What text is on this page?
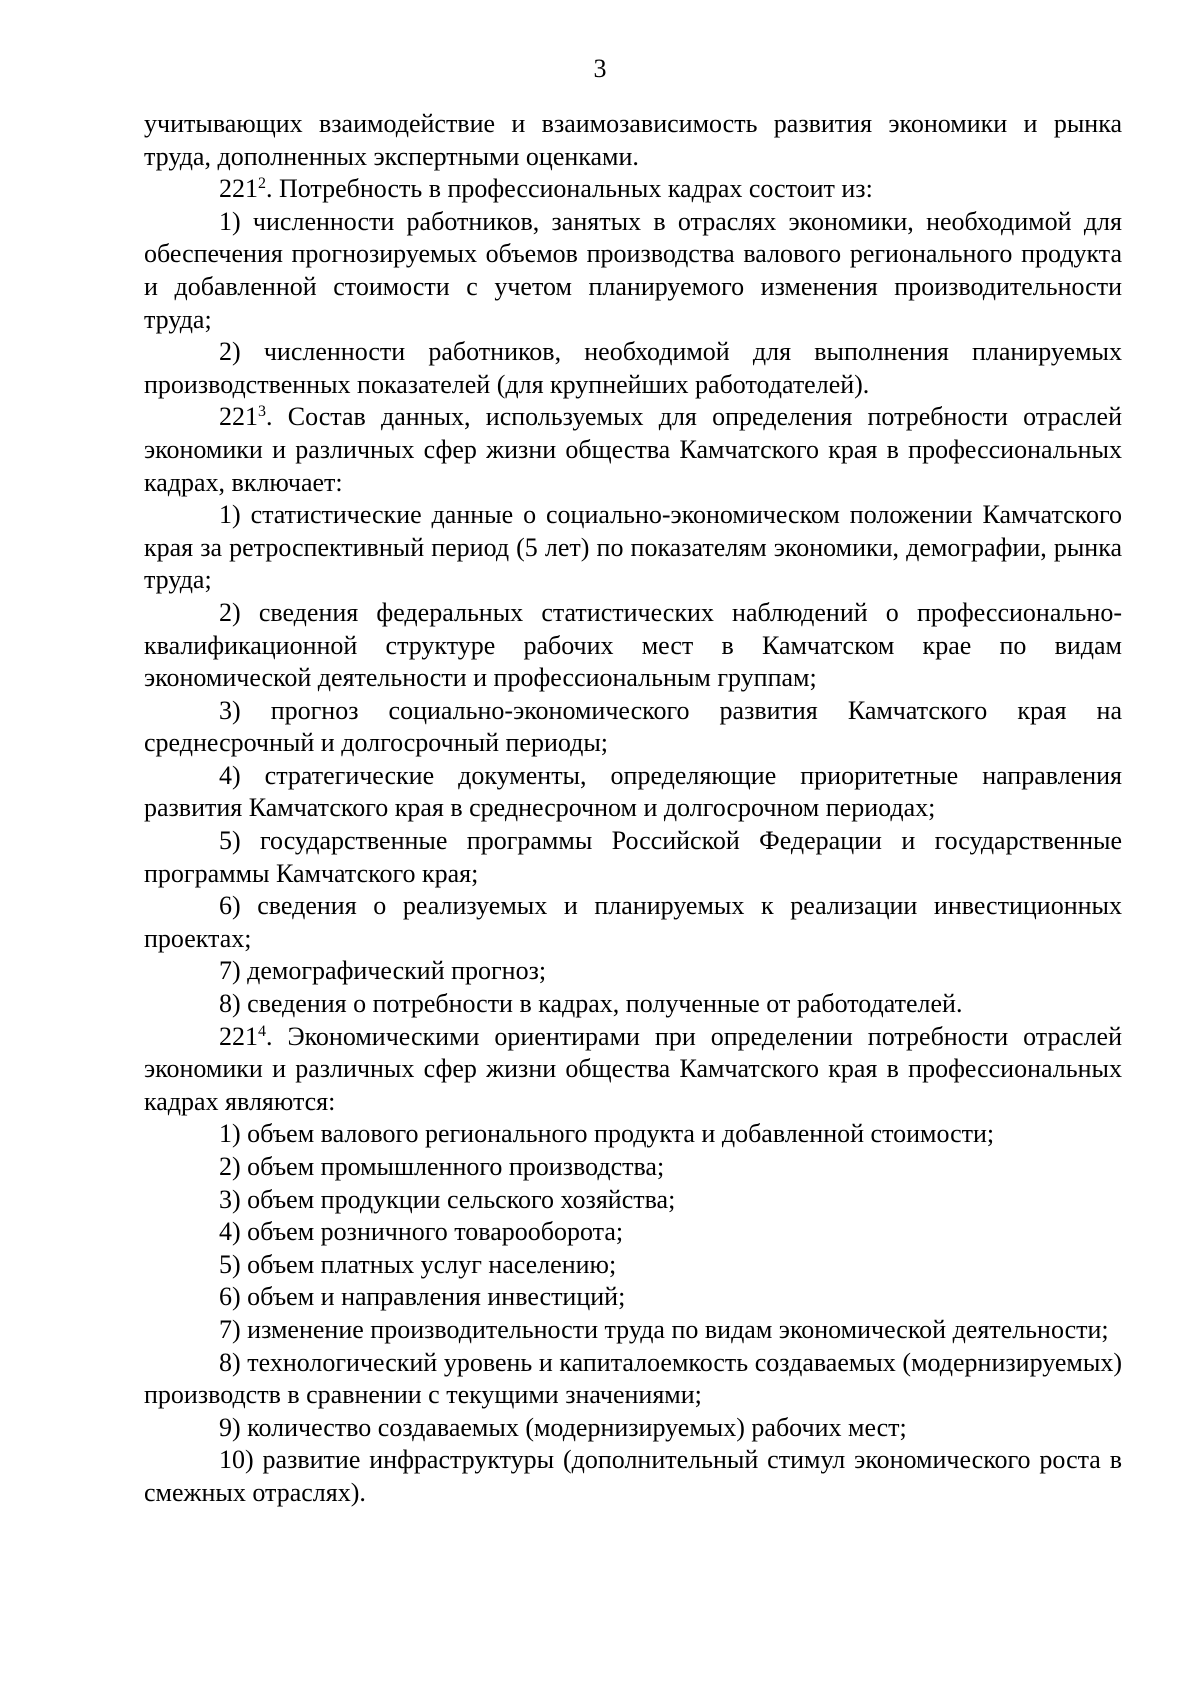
3

учитывающих взаимодействие и взаимозависимость развития экономики и рынка труда, дополненных экспертными оценками.

$221^2$. Потребность в профессиональных кадрах состоит из:

1) численности работников, занятых в отраслях экономики, необходимой для обеспечения прогнозируемых объемов производства валового регионального продукта и добавленной стоимости с учетом планируемого изменения производительности труда;

2) численности работников, необходимой для выполнения планируемых производственных показателей (для крупнейших работодателей).

$221^3$. Состав данных, используемых для определения потребности отраслей экономики и различных сфер жизни общества Камчатского края в профессиональных кадрах, включает:

1) статистические данные о социально-экономическом положении Камчатского края за ретроспективный период (5 лет) по показателям экономики, демографии, рынка труда;

2) сведения федеральных статистических наблюдений о профессионально-квалификационной структуре рабочих мест в Камчатском крае по видам экономической деятельности и профессиональным группам;

3) прогноз социально-экономического развития Камчатского края на среднесрочный и долгосрочный периоды;

4) стратегические документы, определяющие приоритетные направления развития Камчатского края в среднесрочном и долгосрочном периодах;

5) государственные программы Российской Федерации и государственные программы Камчатского края;

6) сведения о реализуемых и планируемых к реализации инвестиционных проектах;

7) демографический прогноз;

8) сведения о потребности в кадрах, полученные от работодателей.

$221^4$. Экономическими ориентирами при определении потребности отраслей экономики и различных сфер жизни общества Камчатского края в профессиональных кадрах являются:

1) объем валового регионального продукта и добавленной стоимости;

2) объем промышленного производства;

3) объем продукции сельского хозяйства;

4) объем розничного товарооборота;

5) объем платных услуг населению;

6) объем и направления инвестиций;

7) изменение производительности труда по видам экономической деятельности;

8) технологический уровень и капиталоемкость создаваемых (модернизируемых) производств в сравнении с текущими значениями;

9) количество создаваемых (модернизируемых) рабочих мест;

10) развитие инфраструктуры (дополнительный стимул экономического роста в смежных отраслях).
